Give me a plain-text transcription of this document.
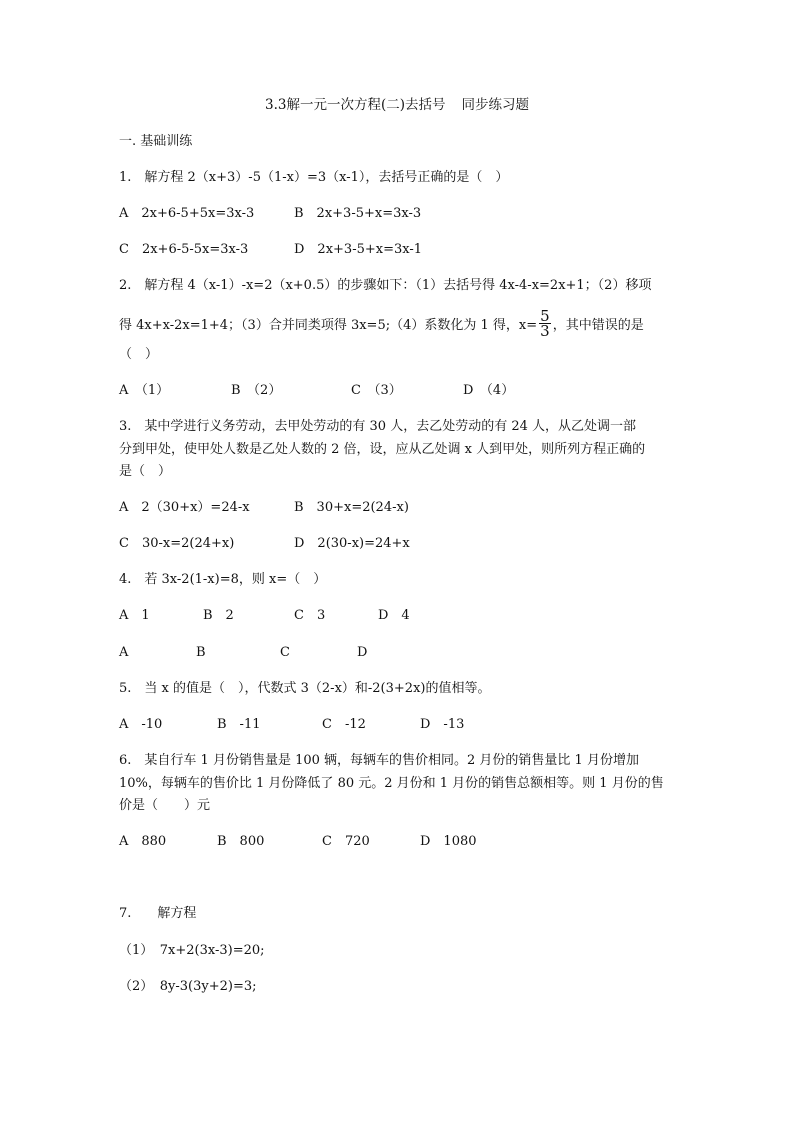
3.3解一元一次方程(二)去括号 同步练习题
一. 基础训练
1.　解方程 2（x+3）-5（1-x）=3（x-1），去括号正确的是（　）
A　2x+6-5+5x=3x-3	B　2x+3-5+x=3x-3
C　2x+6-5-5x=3x-3	D　2x+3-5+x=3x-1
2.　解方程 4（x-1）-x=2（x+0.5）的步骤如下：（1）去括号得 4x-4-x=2x+1；（2）移项
得 4x+x-2x=1+4；（3）合并同类项得 3x=5;（4）系数化为 1 得，$x= \frac{5}{3}$ ，其中错误的是
（　）
A　（1）	B　（2）	C　（3）	D　（4）
3.　某中学进行义务劳动，去甲处劳动的有 30 人，去乙处劳动的有 24 人，从乙处调一部
分到甲处，使甲处人数是乙处人数的 2 倍，设，应从乙处调 x 人到甲处，则所列方程正确的
是（　）
A　2（30+x）=24-x	B　30+x=2(24-x)
C　30-x=2(24+x)	D　2(30-x)=24+x
4.　若 3x-2(1-x)=8，则 x=（　）
A　1	B　2	C　3	D　4
A	B	C	D
5.　当 x 的值是（　），代数式 3（2-x）和-2(3+2x)的值相等。
A　-10	B　-11	C　-12	D　-13
6.　某自行车 1 月份销售量是 100 辆，每辆车的售价相同。2 月份的销售量比 1 月份增加
10%，每辆车的售价比 1 月份降低了 80 元。2 月份和 1 月份的销售总额相等。则 1 月份的售
价是（　　）元
A　880	B　800	C　720	D　1080
7.　　解方程
（1）　7x+2(3x-3)=20;
（2）　8y-3(3y+2)=3;
